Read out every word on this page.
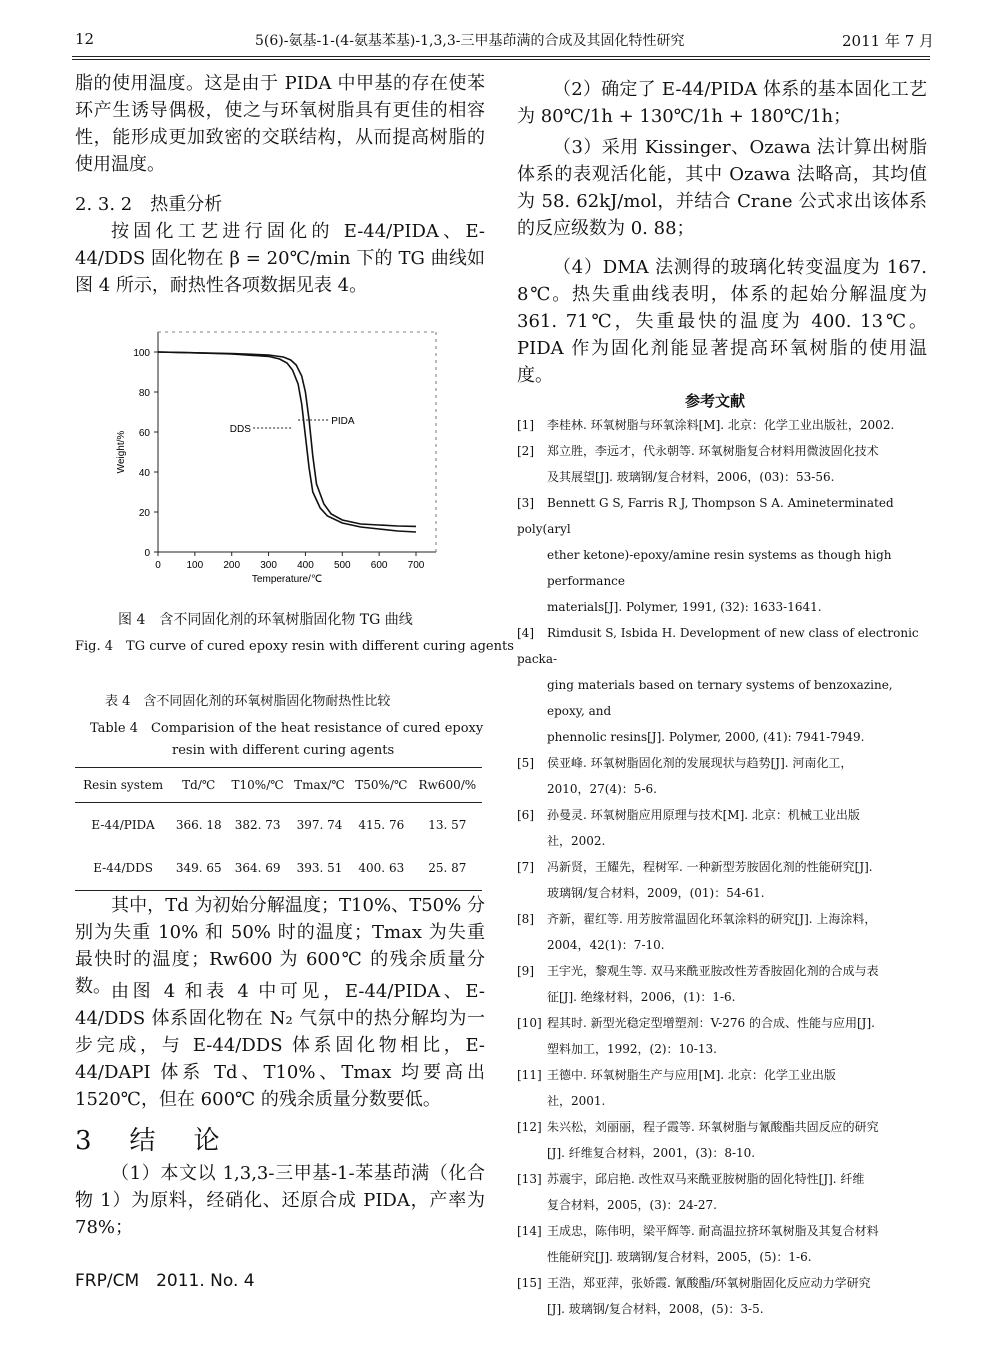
12	5(6)-氨基-1-(4-氨基苯基)-1,3,3-三甲基茚满的合成及其固化特性研究	2011 年 7 月

脂的使用温度。这是由于 PIDA 中甲基的存在使苯环产生诱导偶极，使之与环氧树脂具有更佳的相容性，能形成更加致密的交联结构，从而提高树脂的使用温度。

2. 3. 2　热重分析

按固化工艺进行固化的 E-44/PIDA、E-44/DDS 固化物在 β = 20℃/min 下的 TG 曲线如图 4 所示，耐热性各项数据见表 4。

0
20
40
60
80
100
0	100 200 300 400 500 600 700
Temperature/℃
Weight/%
DDS
PIDA
图 4　含不同固化剂的环氧树脂固化物 TG 曲线
Fig. 4　TG curve of cured epoxy resin with different curing agents
表 4　含不同固化剂的环氧树脂固化物耐热性比较
Table 4　Comparision of the heat resistance of cured epoxy
resin with different curing agents
Resin system	Td/℃	T10%/℃	Tmax/℃	T50%/℃	Rw600/%
E-44/PIDA	366. 18	382. 73	397. 74	415. 76	13. 57
E-44/DDS	349. 65	364. 69	393. 51	400. 63	25. 87

其中，Td 为初始分解温度；T10%、T50% 分别为失重 10% 和 50% 时的温度；Tmax 为失重最快时的温度；Rw600 为 600℃ 的残余质量分数。 由图 4 和表 4 中可见，E-44/PIDA、E-44/DDS 体系固化物在 N₂ 气氛中的热分解均为一步完成，与 E-44/DDS 体系固化物相比，E-44/DAPI 体系 Td、T10%、Tmax 均要高出 1520℃，但在 600℃ 的残余质量分数要低。

3　结　论

（1）本文以 1,3,3-三甲基-1-苯基茚满（化合物 1）为原料，经硝化、还原合成 PIDA，产率为 78%；

（2）确定了 E-44/PIDA 体系的基本固化工艺为 80℃/1h + 130℃/1h + 180℃/1h；

（3）采用 Kissinger、Ozawa 法计算出树脂体系的表观活化能，其中 Ozawa 法略高，其均值为 58. 62kJ/mol，并结合 Crane 公式求出该体系的反应级数为 0. 88；

（4）DMA 法测得的玻璃化转变温度为 167. 8℃。热失重曲线表明，体系的起始分解温度为 361. 71℃，失重最快的温度为 400. 13℃。PIDA 作为固化剂能显著提高环氧树脂的使用温度。

参考文献
[1] 李桂林. 环氧树脂与环氧涂料[M]. 北京：化学工业出版社，2002.
[2] 郑立胜，李远才，代永朝等. 环氧树脂复合材料用微波固化技术
及其展望[J]. 玻璃钢/复合材料，2006，(03)：53-56.
[3] Bennett G S, Farris R J, Thompson S A. Amineterminated poly(aryl
ether ketone)-epoxy/amine resin systems as though high performance
materials[J]. Polymer, 1991, (32): 1633-1641.
[4] Rimdusit S, Isbida H. Development of new class of electronic packa-
ging materials based on ternary systems of benzoxazine, epoxy, and
phennolic resins[J]. Polymer, 2000, (41): 7941-7949.
[5] 侯亚峰. 环氧树脂固化剂的发展现状与趋势[J]. 河南化工，
2010，27(4)：5-6.
[6] 孙曼灵. 环氧树脂应用原理与技术[M]. 北京：机械工业出版
社，2002.
[7] 冯新贤，王耀先，程树军. 一种新型芳胺固化剂的性能研究[J].
玻璃钢/复合材料，2009，(01)：54-61.
[8] 齐新，翟红等. 用芳胺常温固化环氧涂料的研究[J]. 上海涂料，
2004，42(1)：7-10.
[9] 王宇光，黎观生等. 双马来酰亚胺改性芳香胺固化剂的合成与表
征[J]. 绝缘材料，2006，(1)：1-6.
[10] 程其时. 新型光稳定型增塑剂：V-276 的合成、性能与应用[J].
塑料加工，1992，(2)：10-13.
[11] 王德中. 环氧树脂生产与应用[M]. 北京：化学工业出版
社，2001.
[12] 朱兴松，刘丽丽，程子霞等. 环氧树脂与氰酸酯共固反应的研究
[J]. 纤维复合材料，2001，(3)：8-10.
[13] 苏震宇，邱启艳. 改性双马来酰亚胺树脂的固化特性[J]. 纤维
复合材料，2005，(3)：24-27.
[14] 王成忠，陈伟明，梁平辉等. 耐高温拉挤环氧树脂及其复合材料
性能研究[J]. 玻璃钢/复合材料，2005，(5)：1-6.
[15] 王浩，郑亚萍，张娇霞. 氰酸酯/环氧树脂固化反应动力学研究
[J]. 玻璃钢/复合材料，2008，(5)：3-5.
FRP/CM　2011. No. 4
